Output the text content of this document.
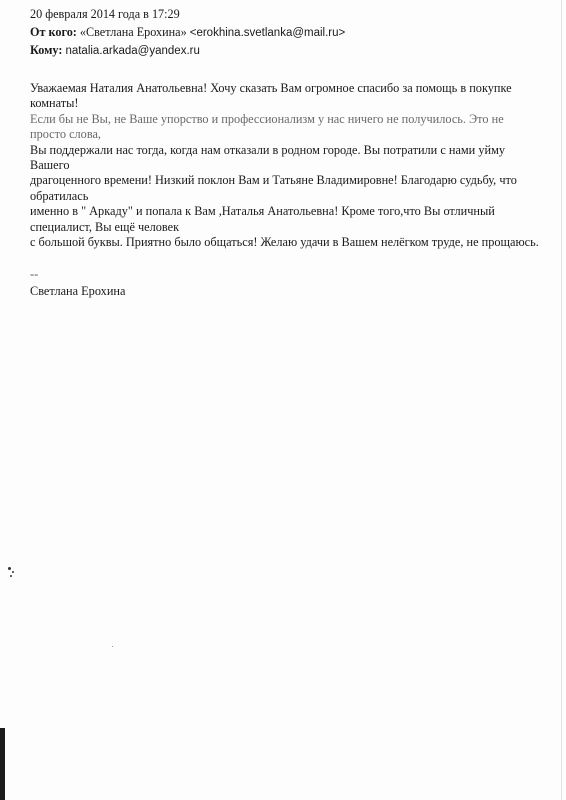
20 февраля 2014 года в 17:29
От кого: «Светлана Ерохина» <erokhina.svetlanka@mail.ru>
Кому: natalia.arkada@yandex.ru
Уважаемая Наталия Анатольевна! Хочу сказать Вам огромное спасибо за помощь в покупке
комнаты!
Если бы не Вы, не Ваше упорство и профессионализм у нас ничего не получилось. Это не
просто слова,
Вы поддержали нас тогда, когда нам отказали в родном городе. Вы потратили с нами уйму
Вашего
драгоценного времени! Низкий поклон Вам и Татьяне Владимировне! Благодарю судьбу, что
обратилась
именно в " Аркаду" и попала к Вам ,Наталья Анатольевна! Кроме того,что Вы отличный
специалист, Вы ещё человек
с большой буквы. Приятно было общаться! Желаю удачи в Вашем нелёгком труде, не прощаюсь.
--
Светлана Ерохина
